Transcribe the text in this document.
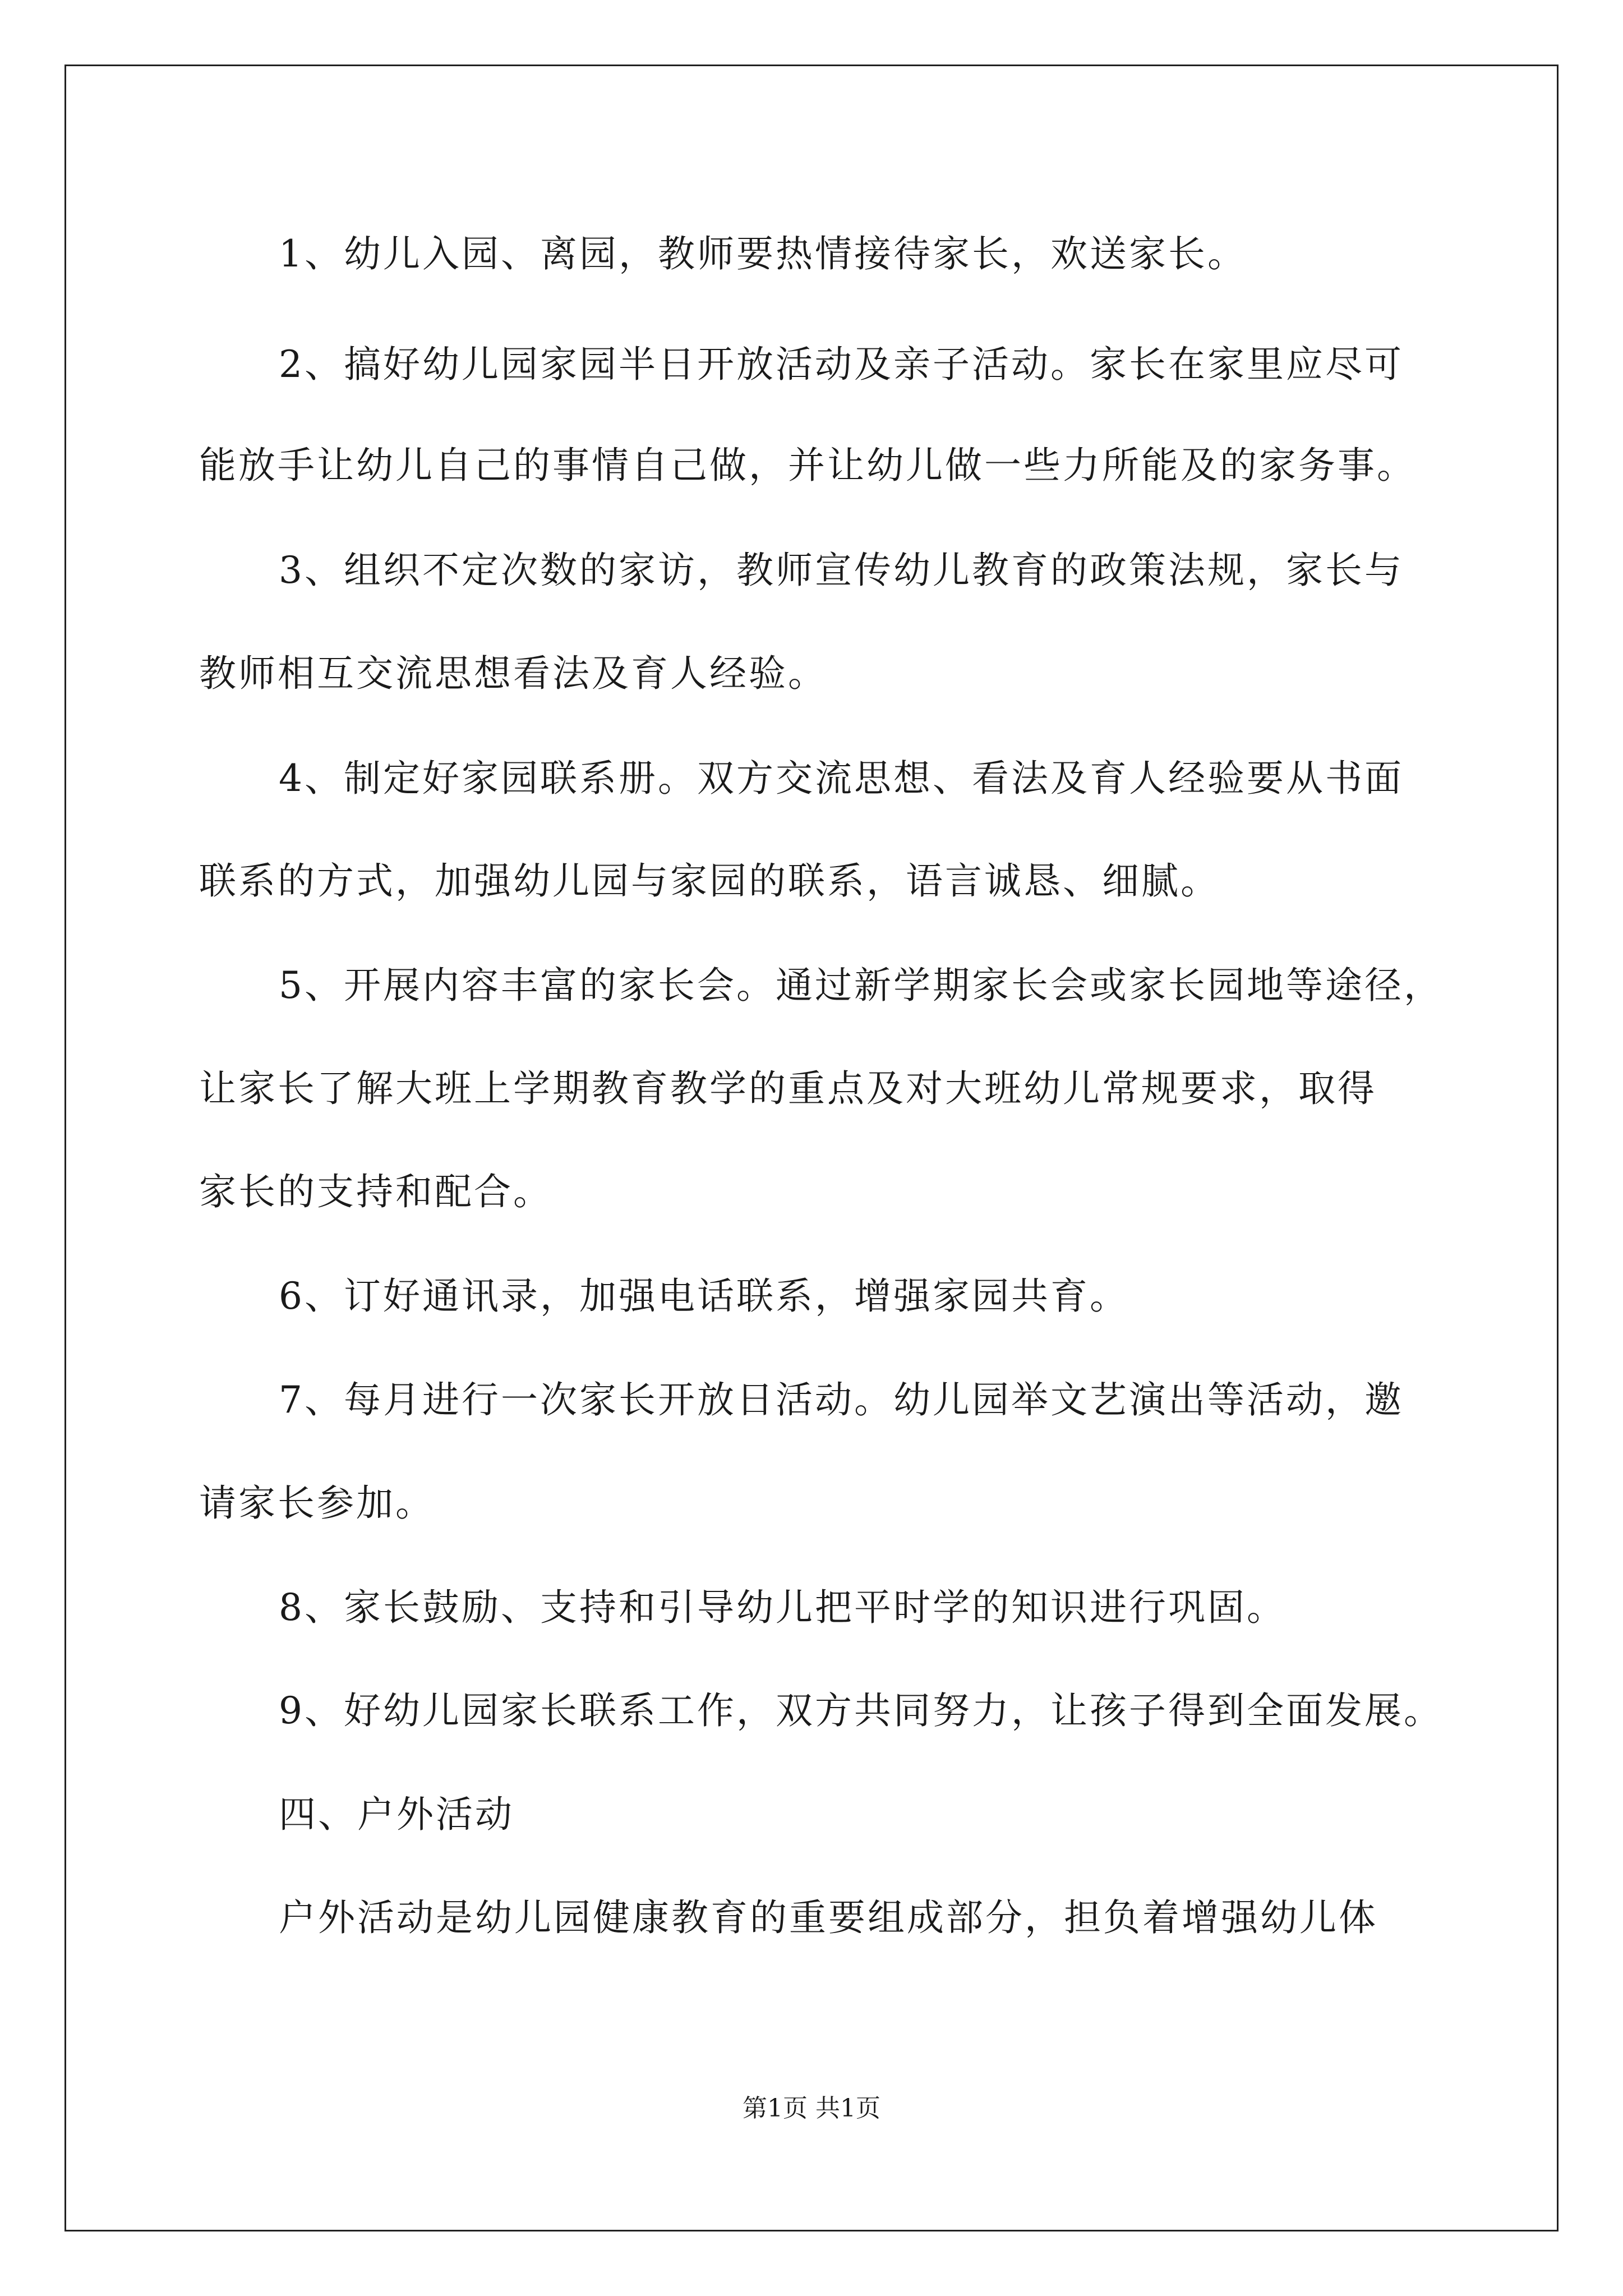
1、幼儿入园、离园，教师要热情接待家长，欢送家长。
2、搞好幼儿园家园半日开放活动及亲子活动。家长在家里应尽可
能放手让幼儿自己的事情自己做，并让幼儿做一些力所能及的家务事。
3、组织不定次数的家访，教师宣传幼儿教育的政策法规，家长与
教师相互交流思想看法及育人经验。
4、制定好家园联系册。双方交流思想、看法及育人经验要从书面
联系的方式，加强幼儿园与家园的联系，语言诚恳、细腻。
5、开展内容丰富的家长会。通过新学期家长会或家长园地等途径，
让家长了解大班上学期教育教学的重点及对大班幼儿常规要求，取得
家长的支持和配合。
6、订好通讯录，加强电话联系，增强家园共育。
7、每月进行一次家长开放日活动。幼儿园举文艺演出等活动，邀
请家长参加。
8、家长鼓励、支持和引导幼儿把平时学的知识进行巩固。
9、好幼儿园家长联系工作，双方共同努力，让孩子得到全面发展。
四、户外活动
户外活动是幼儿园健康教育的重要组成部分，担负着增强幼儿体
第1页 共1页
